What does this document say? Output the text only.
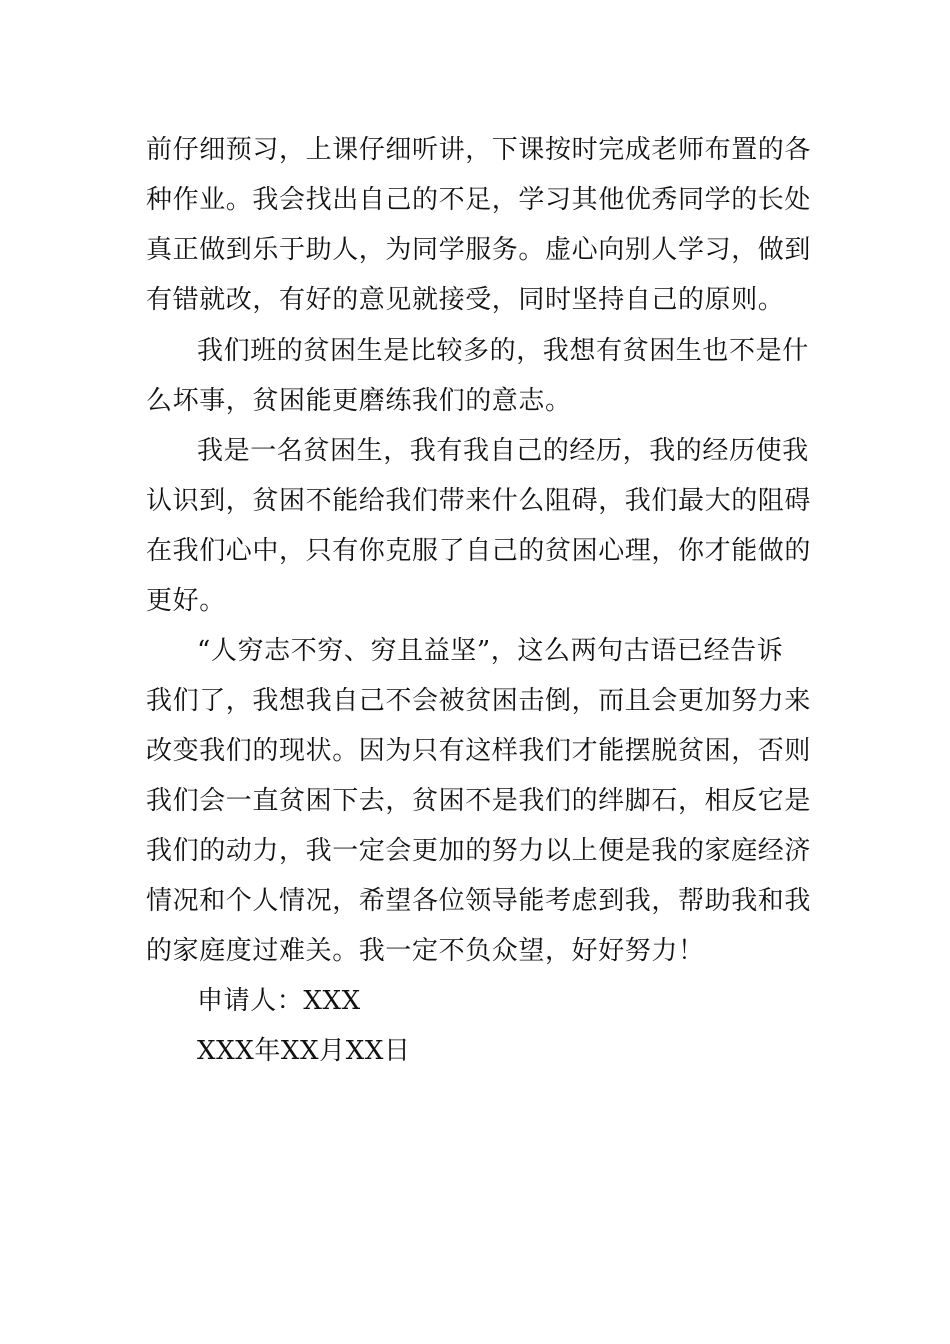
前仔细预习，上课仔细听讲，下课按时完成老师布置的各
种作业。我会找出自己的不足，学习其他优秀同学的长处
真正做到乐于助人，为同学服务。虚心向别人学习，做到
有错就改，有好的意见就接受，同时坚持自己的原则。
我们班的贫困生是比较多的，我想有贫困生也不是什
么坏事，贫困能更磨练我们的意志。
我是一名贫困生，我有我自己的经历，我的经历使我
认识到，贫困不能给我们带来什么阻碍，我们最大的阻碍
在我们心中，只有你克服了自己的贫困心理，你才能做的
更好。
“人穷志不穷、穷且益坚”，这么两句古语已经告诉
我们了，我想我自己不会被贫困击倒，而且会更加努力来
改变我们的现状。因为只有这样我们才能摆脱贫困，否则
我们会一直贫困下去，贫困不是我们的绊脚石，相反它是
我们的动力，我一定会更加的努力以上便是我的家庭经济
情况和个人情况，希望各位领导能考虑到我，帮助我和我
的家庭度过难关。我一定不负众望，好好努力！
申请人：XXX
XXX年XX月XX日
